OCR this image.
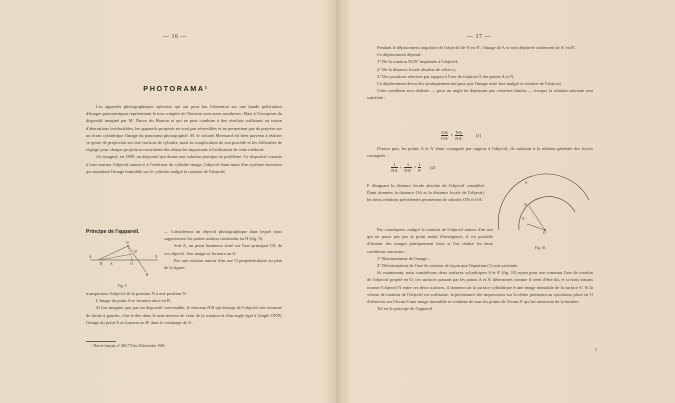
— 16 —
PHOTORAMA¹

Les appareils photographiques spéciaux qui ont pour but l'obtention sur une bande pelliculaire d'images panoramiques représentant le tour complet de l'horizon sont assez nombreux. Mais à l'exception du dispositif imaginé par M. Ducos du Hauron et qui ne peut conduire à des résultats suffisants en raison d'aberrations irréductibles, les appareils proposés ne sont pas réversibles et ne permettent pas de projeter sur un écran cylindrique l'image du panorama photographié. M. le colonel Moessard est bien parvenu à réaliser ce genre de projection sur une fraction de cylindre, mais la complication de son procédé et les difficultés de réglage pour chaque projection constituent des obstacles importants à l'utilisation de cette méthode.

J'ai imaginé, en 1899, un dispositif qui donne une solution pratique du problème. Ce dispositif consiste à faire tourner l'objectif autour et à l'extérieur du cylindre image, l'objectif étant muni d'un système inverseur qui maintient l'image immobile sur le cylindre malgré la rotation de l'objectif.

Principe de l'appareil.	— Considérons un objectif photographique dans lequel nous supposerons les points nodaux confondus en N (fig. 9).

Soit A, un point lumineux situé sur l'axe principal OX de cet objectif. Son image se formera en A'.

Par une rotation autour d'un axe O perpendiculaire au plan de la figure,

A
N
N'
X
O
A'
B
B'
Fig. 9.

transportons l'objectif de la position N à une position N'.

L'image du point A se formera alors en B.

Si l'on imagine que, par un dispositif convenable, le faisceau N'B qui émerge de l'objectif soit retourné de droite à gauche, c'est-à-dire dans le sens inverse de celui de la rotation et d'un angle égal à l'angle ON'B, l'image du point A se formera en B' dans le voisinage de A'.

¹ Brevet français n° 306.772 du 29 décembre 1900.
— 17 —

Pendant le déplacement angulaire de l'objectif de N en N', l'image de A se sera déplacée seulement de A' en B'.

Ce déplacement dépend :

1° De la rotation NON' imprimée à l'objectif;

2° De la distance focale absolue de celui-ci;

3° Des positions relatives par rapport à l'axe de rotation O des points A et N.

Ce déplacement devra être pratiquement nul pour que l'image reste fixe malgré la rotation de l'objectif.

Cette condition sera réalisée — pour un angle ne dépassant pas certaines limites — lorsque la relation suivante sera satisfaite :

$\frac{OA}{OA'} = \frac{NA}{NA'}$	(1)

D'autre part, les points A et A' étant conjugués par rapport à l'objectif, ils satisfont à la relation générale des foyers conjugués :

$\frac{1}{NA} + \frac{1}{NA'} = \frac{1}{F} (2)$

F désignant la distance focale absolue de l'objectif considéré. Étant données la distance OA et la distance focale de l'objectif, les deux relations précédentes permettent de calculer ON et OA'.

S
O
N
S'
Fig. 10.

Par conséquent, malgré la rotation de l'objectif autour d'un axe qui ne passe pas par le point nodal d'émergence, il est possible d'obtenir des images pratiquement fixes si l'on réalise les deux conditions suivantes :

1° Retournement de l'image ;

2° Détermination de l'axe de rotation de façon que l'équation (1) soit satisfaite.

Si, maintenant, nous considérons deux surfaces cylindriques S et S' (fig. 10) ayant pour axe commun l'axe de rotation de l'objectif projeté en O, ces surfaces passant par les points A et A' déterminés comme il vient d'être dit, et si nous faisons tourner l'objectif N entre ces deux surfaces, il donnera sur la surface cylindrique S une image immobile de la surface S'. Si la vitesse de rotation de l'objectif est suffisante, la persistance des impressions sur la rétine permettra au spectateur placé en O d'observer sur l'écran S une image immobile et continue de tous les points de l'écran S' qui lui enverront de la lumière.

Tel est le principe de l'appareil.

2
